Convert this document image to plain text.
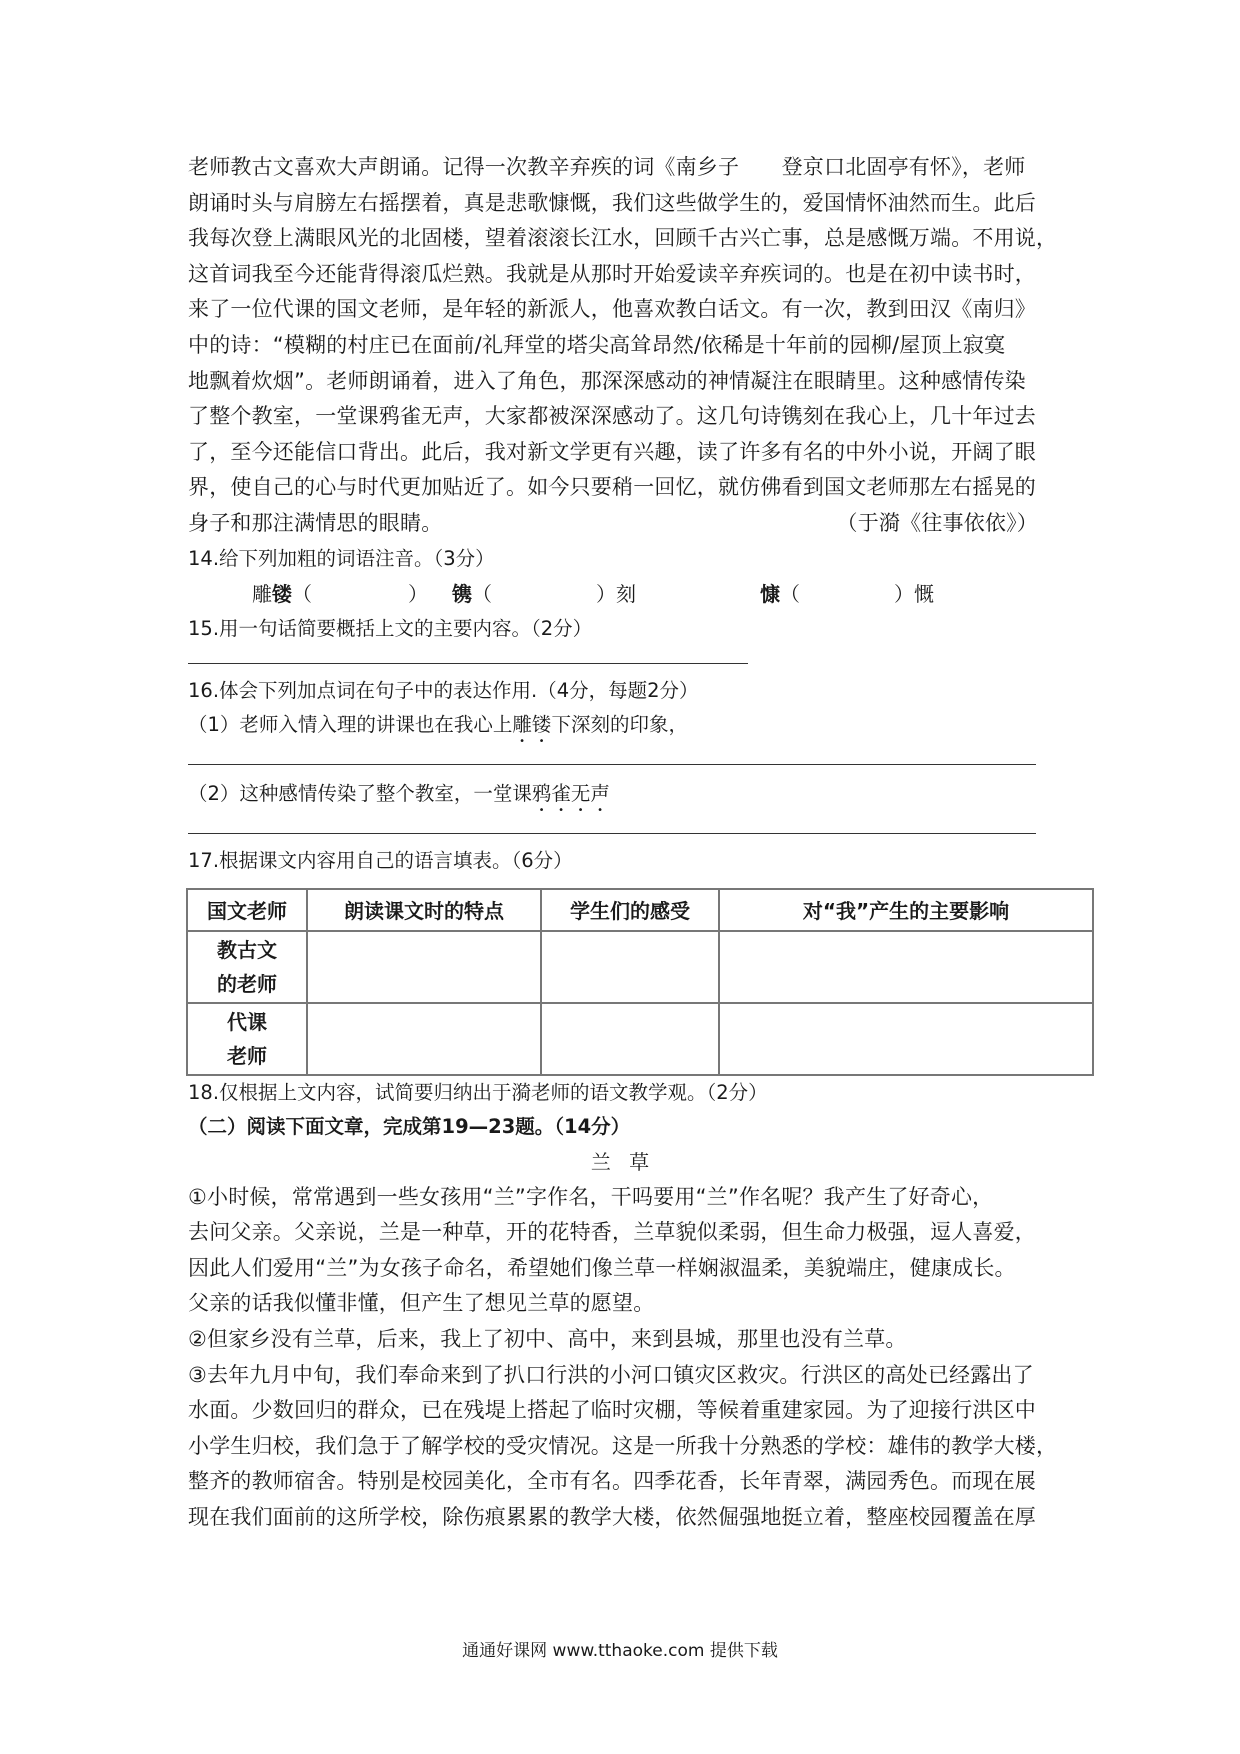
老师教古文喜欢大声朗诵。记得一次教辛弃疾的词《南乡子　　登京口北固亭有怀》，老师
朗诵时头与肩膀左右摇摆着，真是悲歌慷慨，我们这些做学生的，爱国情怀油然而生。此后
我每次登上满眼风光的北固楼，望着滚滚长江水，回顾千古兴亡事，总是感慨万端。不用说，
这首词我至今还能背得滚瓜烂熟。我就是从那时开始爱读辛弃疾词的。也是在初中读书时，
来了一位代课的国文老师，是年轻的新派人，他喜欢教白话文。有一次，教到田汉《南归》
中的诗：“模糊的村庄已在面前/礼拜堂的塔尖高耸昂然/依稀是十年前的园柳/屋顶上寂寞
地飘着炊烟”。老师朗诵着，进入了角色，那深深感动的神情凝注在眼睛里。这种感情传染
了整个教室，一堂课鸦雀无声，大家都被深深感动了。这几句诗镌刻在我心上，几十年过去
了，至今还能信口背出。此后，我对新文学更有兴趣，读了许多有名的中外小说，开阔了眼
界，使自己的心与时代更加贴近了。如今只要稍一回忆，就仿佛看到国文老师那左右摇晃的
身子和那注满情思的眼睛。	（于漪《往事依依》）

14.给下列加粗的词语注音。（3分）

雕镂（	） 镌（	）刻	慷（	）慨

15.用一句话简要概括上文的主要内容。（2分）

16.体会下列加点词在句子中的表达作用.（4分，每题2分）

（1）老师入情入理的讲课也在我心上雕镂下深刻的印象，

（2）这种感情传染了整个教室，一堂课鸦雀无声

17.根据课文内容用自己的语言填表。（6分）

国文老师	朗读课文时的特点	学生们的感受	对“我”产生的主要影响
教古文
的老师			
代课
老师			

18.仅根据上文内容，试简要归纳出于漪老师的语文教学观。（2分）

（二）阅读下面文章，完成第19—23题。（14分）

兰 草

①小时候，常常遇到一些女孩用“兰”字作名，干吗要用“兰”作名呢？我产生了好奇心，
去问父亲。父亲说，兰是一种草，开的花特香，兰草貌似柔弱，但生命力极强，逗人喜爱，
因此人们爱用“兰”为女孩子命名，希望她们像兰草一样娴淑温柔，美貌端庄，健康成长。
父亲的话我似懂非懂，但产生了想见兰草的愿望。
②但家乡没有兰草，后来，我上了初中、高中，来到县城，那里也没有兰草。
③去年九月中旬，我们奉命来到了扒口行洪的小河口镇灾区救灾。行洪区的高处已经露出了
水面。少数回归的群众，已在残堤上搭起了临时灾棚，等候着重建家园。为了迎接行洪区中
小学生归校，我们急于了解学校的受灾情况。这是一所我十分熟悉的学校：雄伟的教学大楼，
整齐的教师宿舍。特别是校园美化，全市有名。四季花香，长年青翠，满园秀色。而现在展
现在我们面前的这所学校，除伤痕累累的教学大楼，依然倔强地挺立着，整座校园覆盖在厚
通通好课网 www.tthaoke.com 提供下载
